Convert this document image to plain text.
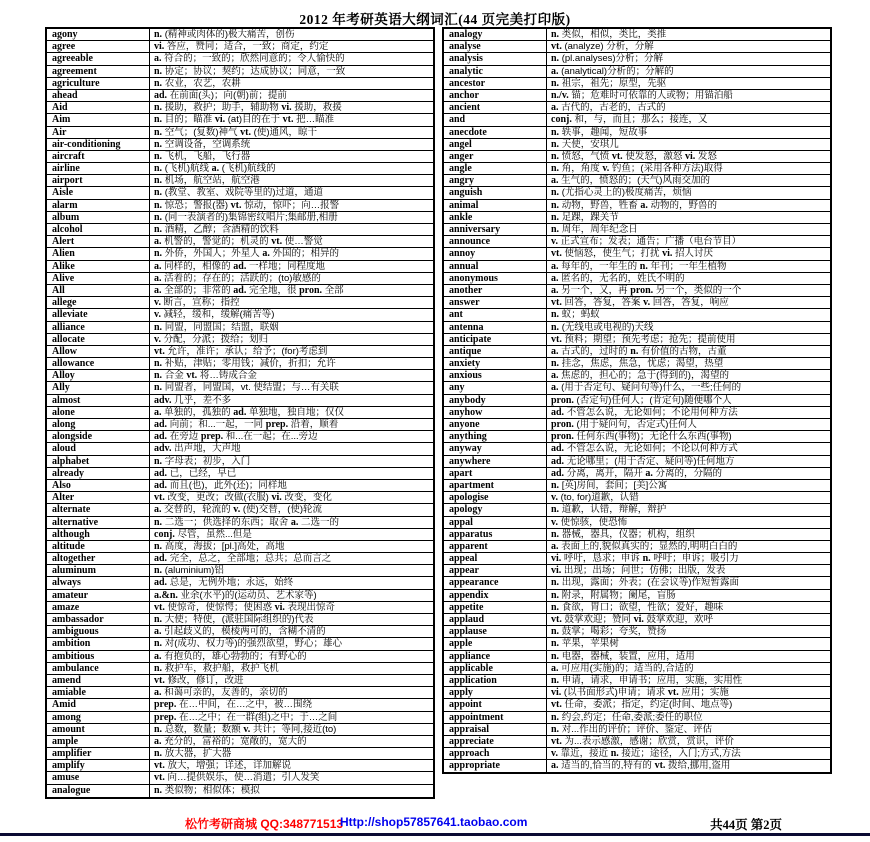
2012 年考研英语大纲词汇(44 页完美打印版)
agony	n. (精神或肉体的)极大痛苦，创伤
agree	vi. 答应，赞同；适合，一致；商定，约定
agreeable	a. 符合的；一致的；欣然同意的；令人愉快的
agreement	n. 协定；协议；契约；达成协议；同意，一致
agriculture	n. 农业，农艺，农耕
ahead	ad. 在前面(头)；向(朝)前；提前
Aid	n. 援助，救护；助手，辅助物 vi. 援助，救援
Aim	n. 目的；瞄准 vi. (at)目的在于 vt. 把…瞄准
Air	n. 空气；(复数)神气 vt. (使)通风，晾干
air-conditioning	n. 空调设备，空调系统
aircraft	n. 飞机，飞船，飞行器
airline	n. (飞机)航线 a. (飞机)航线的
airport	n. 机场，航空站，航空港
Aisle	n. (教堂、教室、戏院等里的)过道，通道
alarm	n. 惊恐；警报(器) vt. 惊动，惊吓；向…报警
album	n. (同一表演者的)集锦密纹唱片;集邮册,相册
alcohol	n. 酒精，乙醇；含酒精的饮料
Alert	a. 机警的，警觉的；机灵的 vt. 使…警觉
Alien	n. 外侨，外国人；外星人 a. 外国的；相异的
Alike	a. 同样的，相像的 ad. 一样地；同程度地
Alive	a. 活着的；存在的；活跃的；(to)敏感的
All	a. 全部的；非常的 ad. 完全地，很 pron. 全部
allege	v. 断言，宣称；指控
alleviate	v. 减轻，缓和，缓解(痛苦等)
alliance	n. 同盟，同盟国；结盟，联姻
allocate	v. 分配，分派；拨给；划归
Allow	vt. 允许，准许；承认；给予；(for)考虑到
allowance	n. 补贴，津贴；零用钱；减价，折扣；允许
Alloy	n. 合金 vt. 将…铸成合金
Ally	n. 同盟者，同盟国，vt. 使结盟；与…有关联
almost	adv. 几乎，差不多
alone	a. 单独的，孤独的 ad. 单独地，独自地；仅仅
along	ad. 向前；和...一起，一同 prep. 沿着，顺着
alongside	ad. 在旁边 prep. 和...在一起；在...旁边
aloud	adv. 出声地，大声地
alphabet	n. 字母表；初步，入门
already	ad. 已，已经，早已
Also	ad. 而且(也)，此外(还)；同样地
Alter	vt. 改变，更改；改做(衣服) vi. 改变，变化
alternate	a. 交替的，轮流的 v. (使)交替，(使)轮流
alternative	n. 二选一；供选择的东西；取舍 a. 二选一的
although	conj. 尽管，虽然...但是
altitude	n. 高度，海拔；[pl.]高处，高地
altogether	ad. 完全，总之，全部地；总共；总而言之
aluminum	n. (aluminium)铝
always	ad. 总是，无例外地；永远，始终
amateur	a.&n. 业余(水平)的(运动员、艺术家等)
amaze	vt. 使惊奇，使惊愕；使困惑 vi. 表现出惊奇
ambassador	n. 大使；特使，(派驻国际组织的)代表
ambiguous	a. 引起歧义的，模棱两可的，含糊不清的
ambition	n. 对(成功、权力等)的强烈欲望，野心；雄心
ambitious	a. 有抱负的，雄心勃勃的；有野心的
ambulance	n. 救护车，救护船，救护飞机
amend	vt. 修改，修订，改进
amiable	a. 和蔼可亲的，友善的，亲切的
Amid	prep. 在…中间，在…之中，被…围绕
among	prep. 在…之中；在一群(组)之中；于…之间
amount	n. 总数，数量；数额 v. 共计；等同,接近(to)
ample	a. 充分的，富裕的；宽敞的，宽大的
amplifier	n. 放大器，扩大器
amplify	vt. 放大，增强；详述，详加解说
amuse	vt. 向…提供娱乐，使…消遣；引人发笑
analogue	n. 类似物；相似体；模拟
analogy	n. 类似，相似，类比，类推
analyse	vt. (analyze) 分析，分解
analysis	n. (pl.analyses)分析；分解
analytic	a. (analytical)分析的；分解的
ancestor	n. 祖宗，祖先；原型，先驱
anchor	n./v. 锚；危难时可依靠的人或物；用锚泊船
ancient	a. 古代的，古老的，古式的
and	conj. 和，与，而且；那么；接连，又
anecdote	n. 轶事，趣闻，短故事
angel	n. 天使，安琪儿
anger	n. 愤怒，气愤 vt. 使发怒，激怒 vi. 发怒
angle	n. 角，角度 v. 钓鱼；(采用各种方法)取得
angry	a. 生气的，愤怒的；(天气)风雨交加的
anguish	n. (尤指心灵上的)极度痛苦，烦恼
animal	n. 动物，野兽，牲畜 a. 动物的，野兽的
ankle	n. 足踝，踝关节
anniversary	n. 周年，周年纪念日
announce	v. 正式宣布；发表；通告；广播（电台节目）
annoy	vt. 使恼怒，使生气；打扰 vi. 招人讨厌
annual	a. 每年的，一年生的 n. 年刊；一年生植物
anonymous	a. 匿名的，无名的，姓氏不明的
another	a. 另一个，又，再 pron. 另一个，类似的一个
answer	vt. 回答，答复，答案 v. 回答，答复，响应
ant	n. 蚁；蚂蚁
antenna	n. (无线电或电视的)天线
anticipate	vt. 预料；期望；预先考虑；抢先；提前使用
antique	a. 古式的，过时的 n. 有价值的古物，古董
anxiety	n. 挂念，焦虑，焦急，忧虑；渴望，热望
anxious	a. 焦虑的，担心的；急于(得到的)，渴望的
any	a. (用于否定句、疑问句等)什么，一些;任何的
anybody	pron. (否定句)任何人；(肯定句)随便哪个人
anyhow	ad. 不管怎么说，无论如何；不论用何种方法
anyone	pron. (用于疑问句，否定式)任何人
anything	pron. 任何东西(事物)；无论什么东西(事物)
anyway	ad. 不管怎么说，无论如何；不论以何种方式
anywhere	ad. 无论哪里；(用于否定、疑问等)任何地方
apart	ad. 分离，离开，隔开 a. 分离的，分隔的
apartment	n. [英]房间，套间；[美]公寓
apologise	v. (to, for)道歉，认错
apology	n. 道歉，认错，辩解，辩护
appal	v. 使惊骇，使恐怖
apparatus	n. 器械，器具，仪器；机构，组织
apparent	a. 表面上的,貌似真实的；显然的,明明白白的
appeal	vi. 呼吁，恳求；申诉 n. 呼吁；申诉；吸引力
appear	vi. 出现；出场；问世；仿佛；出版，发表
appearance	n. 出现，露面；外表；(在会议等)作短暂露面
appendix	n. 附录，附属物；阑尾，盲肠
appetite	n. 食欲，胃口；欲望，性欲；爱好，趣味
applaud	vt. 鼓掌欢迎；赞同 vi. 鼓掌欢迎，欢呼
applause	n. 鼓掌；喝彩；夸奖，赞扬
apple	n. 苹果，苹果树
appliance	n. 电器，器械，装置，应用，适用
applicable	a. 可应用(实施)的；适当的,合适的
application	n. 申请，请求，申请书；应用，实施，实用性
apply	vi. (以书面形式)申请；请求 vt. 应用；实施
appoint	vt. 任命，委派；指定，约定(时间、地点等)
appointment	n. 约会,约定；任命,委派;委任的职位
appraisal	n. 对...作出的评价；评价、鉴定、评估
appreciate	vt. 为...表示感激，感谢；欣赏，赏识，评价
approach	v. 靠近，接近 n. 接近；途径，入门;方式,方法
appropriate	a. 适当的,恰当的,特有的 vt. 拨给,挪用,盗用
松竹考研商城 QQ:348771513
Http://shop57857641.taobao.com	共44页 第2页
